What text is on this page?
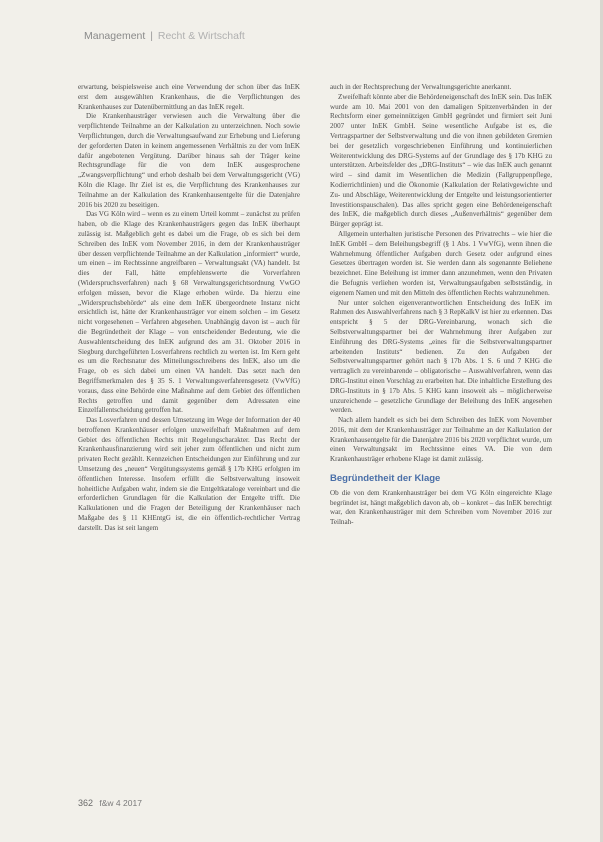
Management | Recht & Wirtschaft

erwartung, beispielsweise auch eine Verwendung der schon über das InEK erst dem ausgewählten Krankenhaus, die die Verpflichtungen des Krankenhauses zur Datenübermittlung an das InEK regelt.

Die Krankenhausträger verwiesen auch die Verwaltung über die verpflichtende Teilnahme an der Kalkulation zu unterzeichnen. Noch sowie Verpflichtungen, durch die Verwaltungsaufwand zur Erhebung und Lieferung der geforderten Daten in keinem angemessenen Verhältnis zu der vom InEK dafür angebotenen Vergütung. Darüber hinaus sah der Träger keine Rechtsgrundlage für die von dem InEK ausgesprochene „Zwangsverpflichtung“ und erhob deshalb bei dem Verwaltungsgericht (VG) Köln die Klage. Ihr Ziel ist es, die Verpflichtung des Krankenhauses zur Teilnahme an der Kalkulation des Krankenhausentgelte für die Datenjahre 2016 bis 2020 zu beseitigen.

Das VG Köln wird – wenn es zu einem Urteil kommt – zunächst zu prüfen haben, ob die Klage des Krankenhausträgers gegen das InEK überhaupt zulässig ist. Maßgeblich geht es dabei um die Frage, ob es sich bei dem Schreiben des InEK vom November 2016, in dem der Krankenhausträger über dessen verpflichtende Teilnahme an der Kalkulation „informiert“ wurde, um einen – im Rechtssinne angreifbaren – Verwaltungsakt (VA) handelt. Ist dies der Fall, hätte empfehlenswerte die Vorverfahren (Widerspruchsverfahren) nach § 68 Verwaltungsgerichtsordnung VwGO erfolgen müssen, bevor die Klage erhoben würde. Da hierzu eine „Widerspruchsbehörde“ als eine dem InEK übergeordnete Instanz nicht ersichtlich ist, hätte der Krankenhausträger vor einem solchen – im Gesetz nicht vorgesehenen – Verfahren abgesehen. Unabhängig davon ist – auch für die Begründetheit der Klage – von entscheidender Bedeutung, wie die Auswahlentscheidung des InEK aufgrund des am 31. Oktober 2016 in Siegburg durchgeführten Losverfahrens rechtlich zu werten ist. Im Kern geht es um die Rechtsnatur des Mitteilungsschreibens des InEK, also um die Frage, ob es sich dabei um einen VA handelt. Das setzt nach den Begriffsmerkmalen des § 35 S. 1 Verwaltungsverfahrensgesetz (VwVfG) voraus, dass eine Behörde eine Maßnahme auf dem Gebiet des öffentlichen Rechts getroffen und damit gegenüber dem Adressaten eine Einzelfallentscheidung getroffen hat.

Das Losverfahren und dessen Umsetzung im Wege der Information der 40 betroffenen Krankenhäuser erfolgen unzweifelhaft Maßnahmen auf dem Gebiet des öffentlichen Rechts mit Regelungscharakter. Das Recht der Krankenhausfinanzierung wird seit jeher zum öffentlichen und nicht zum privaten Recht gezählt. Kennzeichen Entscheidungen zur Einführung und zur Umsetzung des „neuen“ Vergütungssystems gemäß § 17b KHG erfolgten im öffentlichen Interesse. Insofern erfüllt die Selbstverwaltung insoweit hoheitliche Aufgaben wahr, indem sie die Entgeltkataloge vereinbart und die erforderlichen Grundlagen für die Kalkulation der Entgelte trifft. Die Kalkulationen und die Fragen der Beteiligung der Krankenhäuser nach Maßgabe des § 11 KHEntgG ist, die ein öffentlich-rechtlicher Vertrag darstellt. Das ist seit langem

auch in der Rechtsprechung der Verwaltungsgerichte anerkannt.

Zweifelhaft könnte aber die Behördeneigenschaft des InEK sein. Das InEK wurde am 10. Mai 2001 von den damaligen Spitzenverbänden in der Rechtsform einer gemeinnützigen GmbH gegründet und firmiert seit Juni 2007 unter InEK GmbH. Seine wesentliche Aufgabe ist es, die Vertragspartner der Selbstverwaltung und die von ihnen gebildeten Gremien bei der gesetzlich vorgeschriebenen Einführung und kontinuierlichen Weiterentwicklung des DRG-Systems auf der Grundlage des § 17b KHG zu unterstützen. Arbeitsfelder des „DRG-Instituts“ – wie das InEK auch genannt wird – sind damit im Wesentlichen die Medizin (Fallgruppenpflege, Kodierrichtlinien) und die Ökonomie (Kalkulation der Relativgewichte und Zu- und Abschläge, Weiterentwicklung der Entgelte und leistungsorientierter Investitionspauschalen). Das alles spricht gegen eine Behördeneigenschaft des InEK, die maßgeblich durch dieses „Außenverhältnis“ gegenüber dem Bürger geprägt ist.

Allgemein unterhalten juristische Personen des Privatrechts – wie hier die InEK GmbH – dem Beleihungsbegriff (§ 1 Abs. 1 VwVfG), wenn ihnen die Wahrnehmung öffentlicher Aufgaben durch Gesetz oder aufgrund eines Gesetzes übertragen worden ist. Sie werden dann als sogenannte Beliehene bezeichnet. Eine Beleihung ist immer dann anzunehmen, wenn den Privaten die Befugnis verliehen worden ist, Verwaltungsaufgaben selbstständig, in eigenem Namen und mit den Mitteln des öffentlichen Rechts wahrzunehmen.

Nur unter solchen eigenverantwortlichen Entscheidung des InEK im Rahmen des Auswahlverfahrens nach § 3 RepKalkV ist hier zu erkennen. Das entspricht § 5 der DRG-Vereinbarung, wonach sich die Selbstverwaltungspartner bei der Wahrnehmung ihrer Aufgaben zur Einführung des DRG-Systems „eines für die Selbstverwaltungspartner arbeitenden Instituts“ bedienen. Zu den Aufgaben der Selbstverwaltungspartner gehört nach § 17b Abs. 1 S. 6 und 7 KHG die vertraglich zu vereinbarende – obligatorische – Auswahlverfahren, wenn das DRG-Institut einen Vorschlag zu erarbeiten hat. Die inhaltliche Erstellung des DRG-Instituts in § 17b Abs. 5 KHG kann insoweit als – möglicherweise unzureichende – gesetzliche Grundlage der Beleihung des InEK angesehen werden.

Nach allem handelt es sich bei dem Schreiben des InEK vom November 2016, mit dem der Krankenhausträger zur Teilnahme an der Kalkulation der Krankenhausentgelte für die Datenjahre 2016 bis 2020 verpflichtet wurde, um einen Verwaltungsakt im Rechtssinne eines VA. Die von dem Krankenhausträger erhobene Klage ist damit zulässig.

Begründetheit der Klage

Ob die von dem Krankenhausträger bei dem VG Köln eingereichte Klage begründet ist, hängt maßgeblich davon ab, ob – konkret – das InEK berechtigt war, den Krankenhausträger mit dem Schreiben vom November 2016 zur Teilnah-

362 f&w 4 2017
